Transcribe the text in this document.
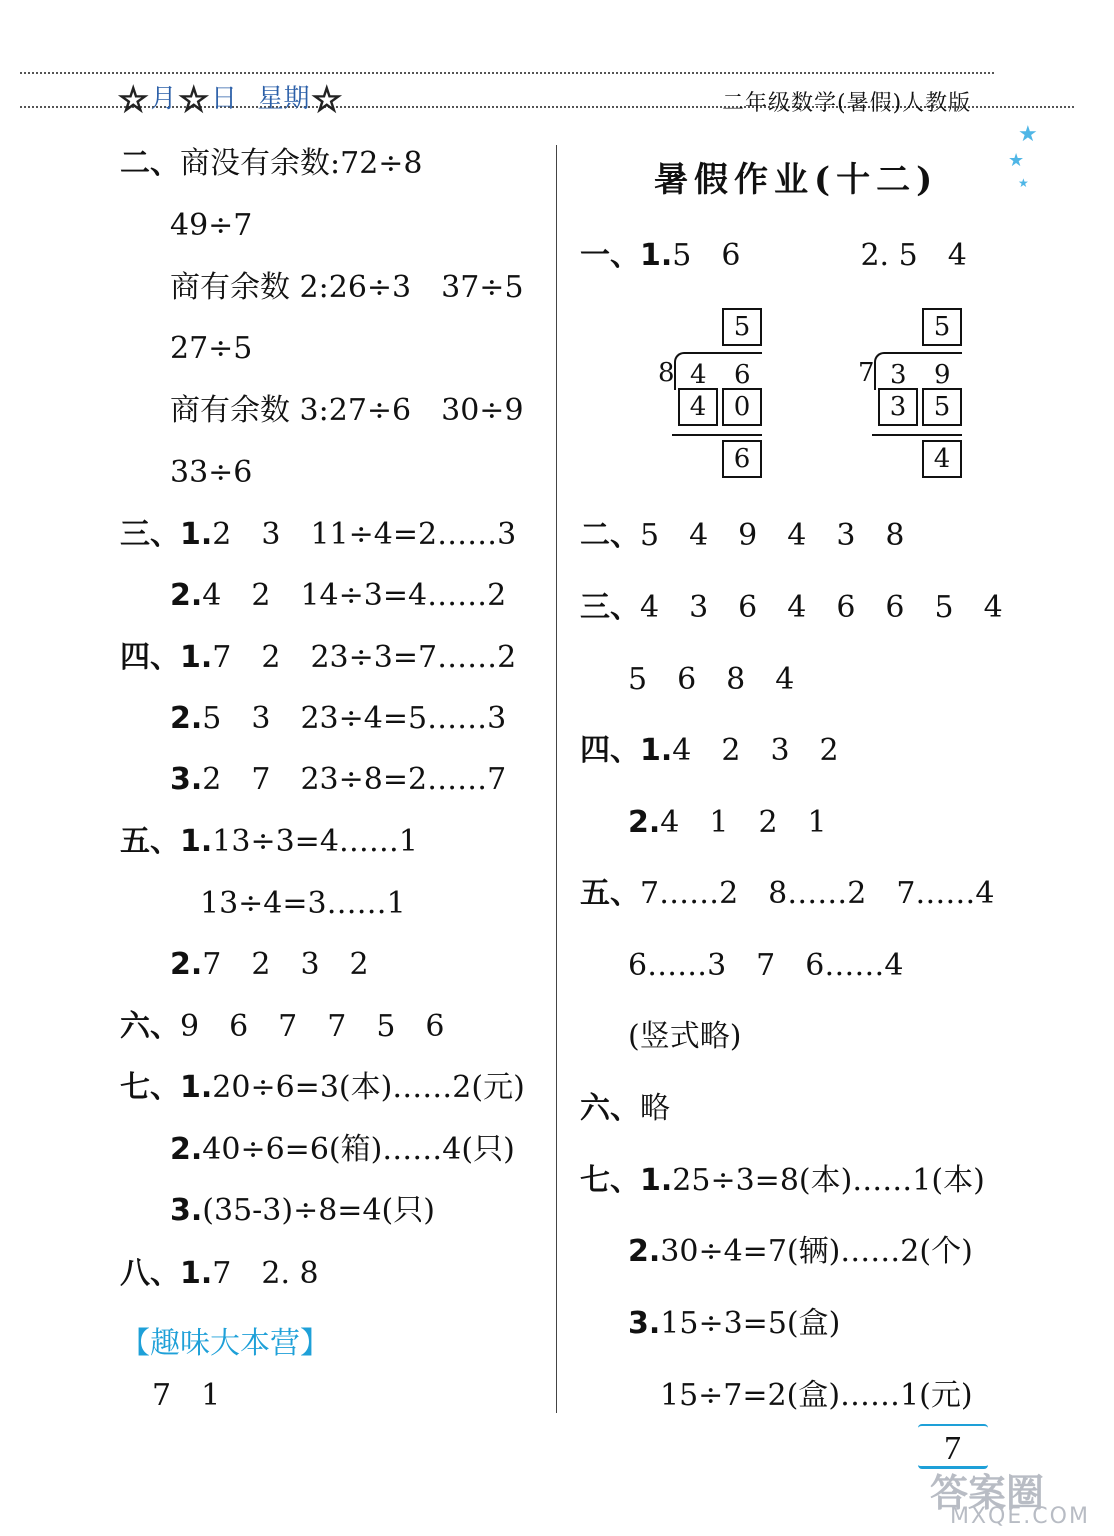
☆月☆日 星期☆	二年级数学(暑假)人教版
★
★
★
【趣味大本营】
7　1
暑假作业(十二)
5
8 4 6
4	0
6
5
7 3 9
3	5
4
7
答案圈
MXQE.COM
二、商没有余数:72÷8
49÷7
商有余数 2:26÷3　37÷5
27÷5
商有余数 3:27÷6　30÷9
33÷6
三、1.2　3　11÷4=2……3
2.4　2　14÷3=4……2
四、1.7　2　23÷3=7……2
2.5　3　23÷4=5……3
3.2　7　23÷8=2……7
五、1.13÷3=4……1
13÷4=3……1
2.7　2　3　2
六、9　6　7　7　5　6
七、1.20÷6=3(本)……2(元)
2.40÷6=6(箱)……4(只)
3.(35-3)÷8=4(只)
八、1.7　2. 8
一、1.5　6　　　　2. 5　4
二、5　4　9　4　3　8
三、4　3　6　4　6　6　5　4
5　6　8　4
四、1.4　2　3　2
2.4　1　2　1
五、7……2　8……2　7……4
6……3　7　6……4
(竖式略)
六、略
七、1.25÷3=8(本)……1(本)
2.30÷4=7(辆)……2(个)
3.15÷3=5(盒)
15÷7=2(盒)……1(元)
